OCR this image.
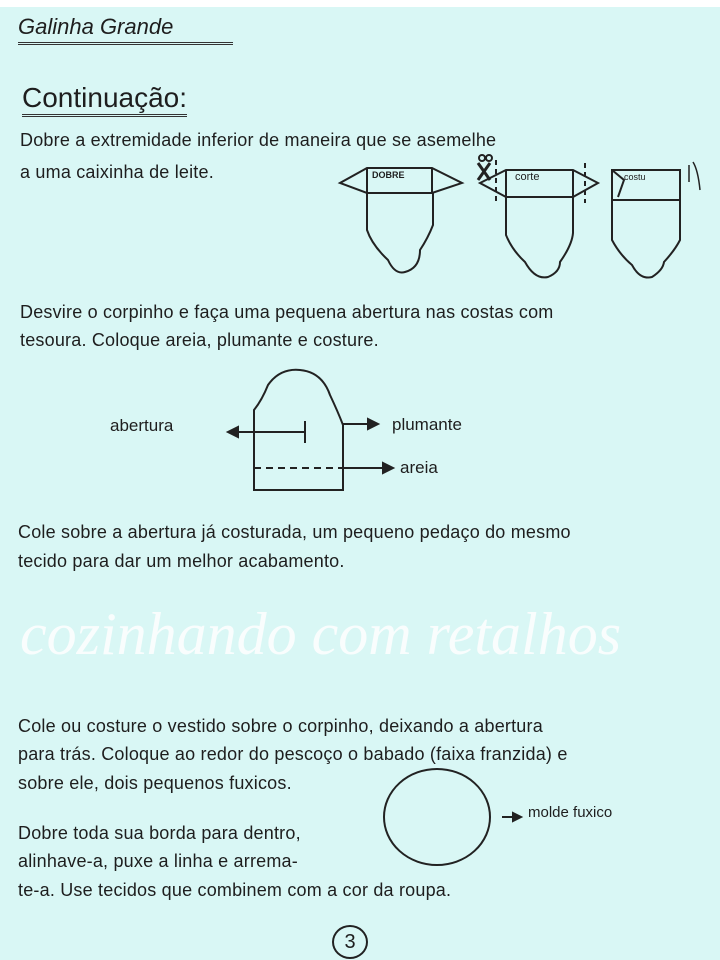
Galinha Grande
Continuação:
Dobre a extremidade inferior de maneira que se asemelhe
a uma caixinha de leite.
Desvire o corpinho e faça uma pequena abertura nas costas com
tesoura. Coloque areia, plumante e costure.
Cole sobre a abertura já costurada, um pequeno pedaço do mesmo
tecido para dar um melhor acabamento.
Cole ou costure o vestido sobre o corpinho, deixando a abertura
para trás. Coloque ao redor do pescoço o babado (faixa franzida) e
sobre ele, dois pequenos fuxicos.
Dobre toda sua borda para dentro,
alinhave-a, puxe a linha e arrema-
te-a. Use tecidos que combinem com a cor da roupa.
DOBRE	corte	costu
abertura	plumante
areia
molde fuxico
cozinhando com retalhos
3
